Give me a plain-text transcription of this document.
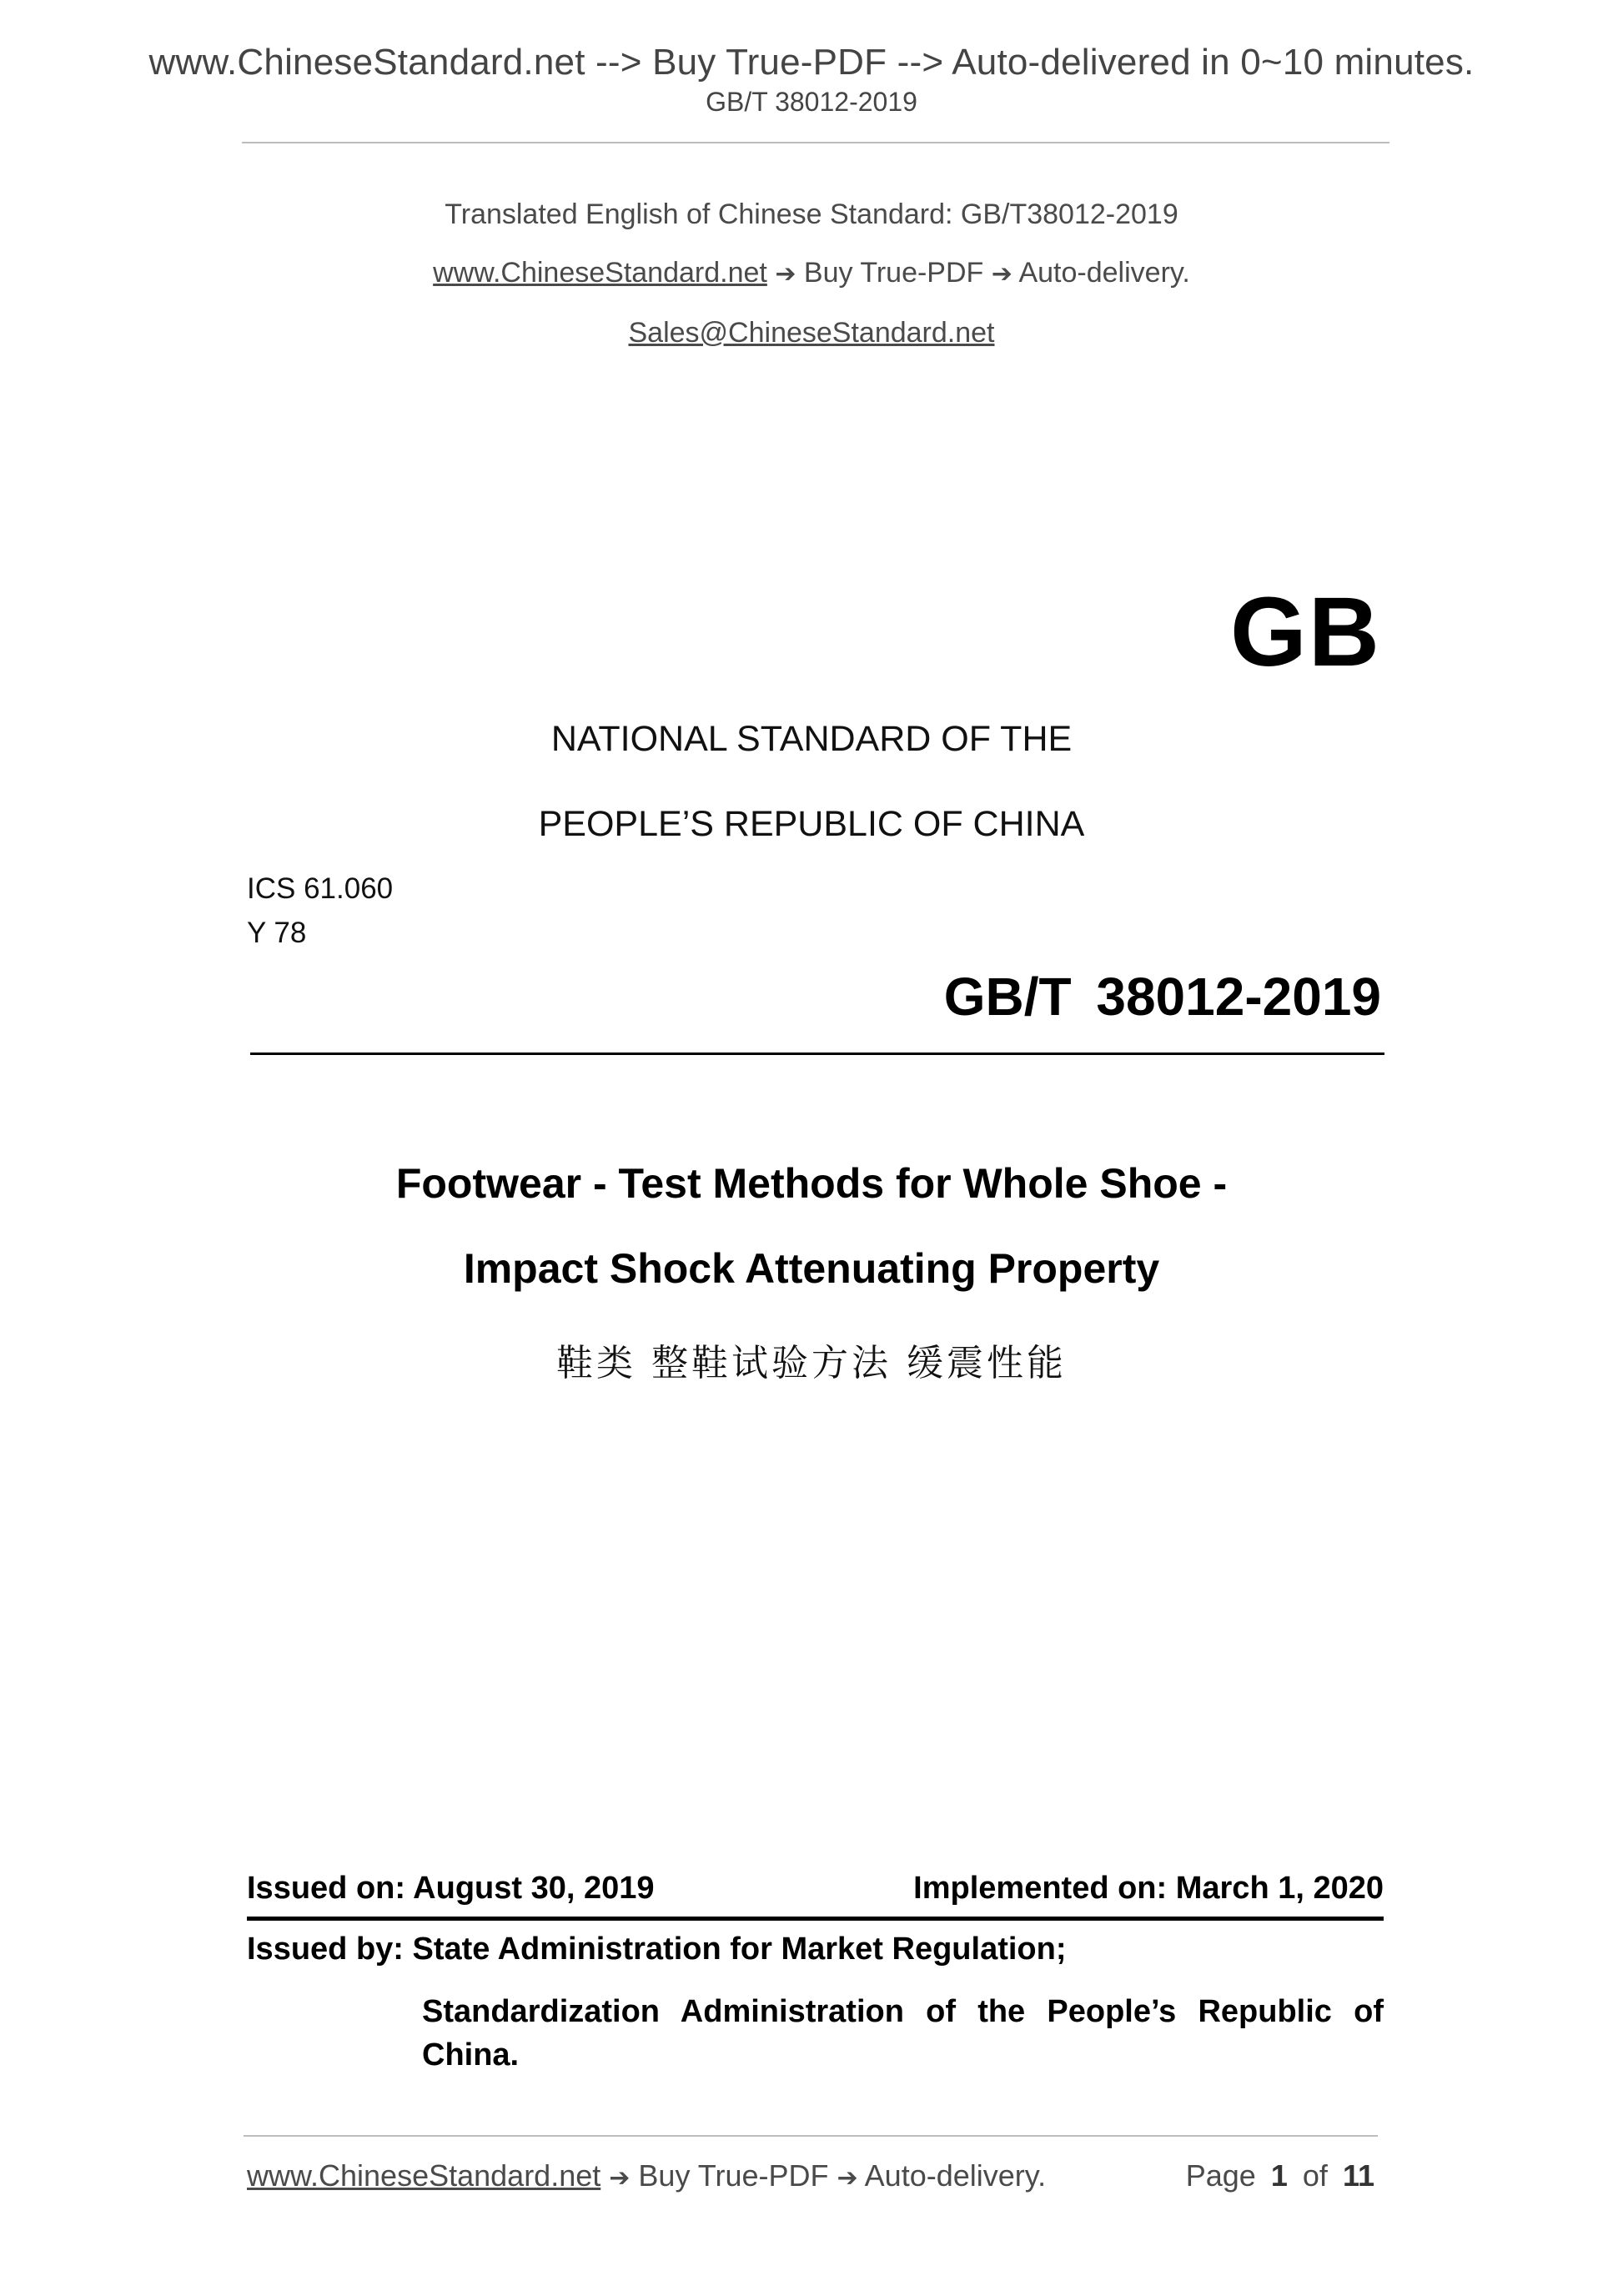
www.ChineseStandard.net --> Buy True-PDF --> Auto-delivered in 0~10 minutes.
GB/T 38012-2019
Translated English of Chinese Standard: GB/T38012-2019
www.ChineseStandard.net ➔ Buy True-PDF ➔ Auto-delivery.
Sales@ChineseStandard.net
GB
NATIONAL STANDARD OF THE
PEOPLE’S REPUBLIC OF CHINA
ICS 61.060
Y 78
GB/T 38012-2019
Footwear - Test Methods for Whole Shoe -
Impact Shock Attenuating Property
鞋类 整鞋试验方法 缓震性能
Issued on: August 30, 2019	Implemented on: March 1, 2020
Issued by: State Administration for Market Regulation;
Standardization Administration of the People’s Republic of China.
www.ChineseStandard.net ➔ Buy True-PDF ➔ Auto-delivery.	Page 1 of 11
